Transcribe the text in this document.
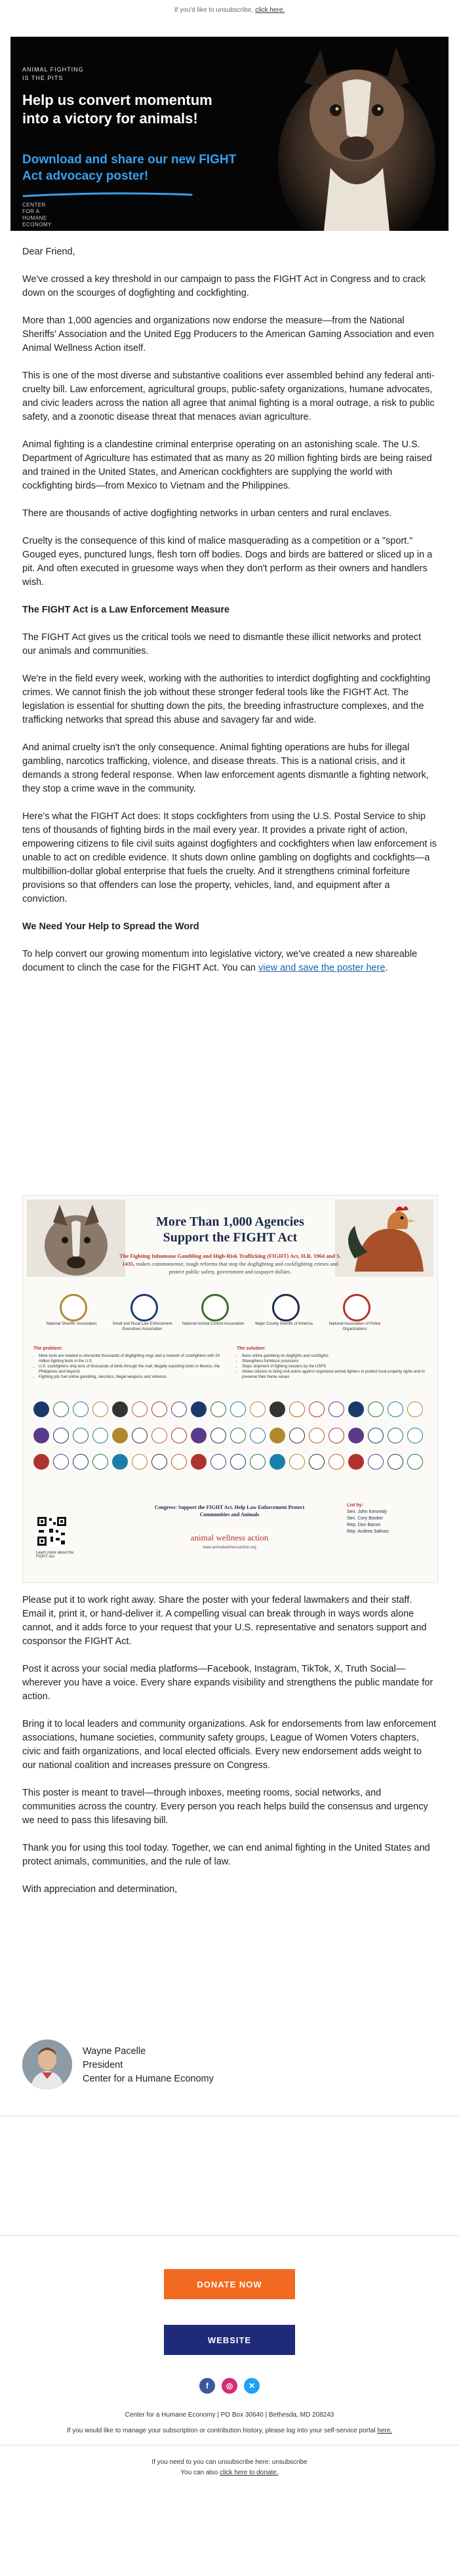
If you'd like to unsubscribe, click here.
ANIMAL FIGHTING
IS THE PITS
Help us convert momentum into a victory for animals!
Download and share our new FIGHT Act advocacy poster!
CENTER
FOR A
HUMANE
ECONOMY

Dear Friend,

We've crossed a key threshold in our campaign to pass the FIGHT Act in Congress and to crack down on the scourges of dogfighting and cockfighting.

More than 1,000 agencies and organizations now endorse the measure—from the National Sheriffs' Association and the United Egg Producers to the American Gaming Association and even Animal Wellness Action itself.

This is one of the most diverse and substantive coalitions ever assembled behind any federal anti-cruelty bill. Law enforcement, agricultural groups, public-safety organizations, humane advocates, and civic leaders across the nation all agree that animal fighting is a moral outrage, a risk to public safety, and a zoonotic disease threat that menaces avian agriculture.

Animal fighting is a clandestine criminal enterprise operating on an astonishing scale. The U.S. Department of Agriculture has estimated that as many as 20 million fighting birds are being raised and trained in the United States, and American cockfighters are supplying the world with cockfighting birds—from Mexico to Vietnam and the Philippines.

There are thousands of active dogfighting networks in urban centers and rural enclaves.

Cruelty is the consequence of this kind of malice masquerading as a competition or a "sport." Gouged eyes, punctured lungs, flesh torn off bodies. Dogs and birds are battered or sliced up in a pit. And often executed in gruesome ways when they don't perform as their owners and handlers wish.

The FIGHT Act is a Law Enforcement Measure

The FIGHT Act gives us the critical tools we need to dismantle these illicit networks and protect our animals and communities.

We're in the field every week, working with the authorities to interdict dogfighting and cockfighting crimes. We cannot finish the job without these stronger federal tools like the FIGHT Act. The legislation is essential for shutting down the pits, the breeding infrastructure complexes, and the trafficking networks that spread this abuse and savagery far and wide.

And animal cruelty isn't the only consequence. Animal fighting operations are hubs for illegal gambling, narcotics trafficking, violence, and disease threats. This is a national crisis, and it demands a strong federal response. When law enforcement agents dismantle a fighting network, they stop a crime wave in the community.

Here's what the FIGHT Act does: It stops cockfighters from using the U.S. Postal Service to ship tens of thousands of fighting birds in the mail every year. It provides a private right of action, empowering citizens to file civil suits against dogfighters and cockfighters when law enforcement is unable to act on credible evidence. It shuts down online gambling on dogfights and cockfights—a multibillion-dollar global enterprise that fuels the cruelty. And it strengthens criminal forfeiture provisions so that offenders can lose the property, vehicles, land, and equipment after a conviction.

We Need Your Help to Spread the Word

To help convert our growing momentum into legislative victory, we've created a new shareable document to clinch the case for the FIGHT Act. You can view and save the poster here.

More Than 1,000 Agencies Support the FIGHT Act
The Fighting Inhumane Gambling and High-Risk Trafficking (FIGHT) Act, H.R. 1964 and S. 1435, makes commonsense, tough reforms that stop the dogfighting and cockfighting crimes and protect public safety, government and taxpayer dollars.
National Sheriffs' Association	Small and Rural Law Enforcement Executives Association
National Animal Control Association	Major County Sheriffs of America	National Association of Police Organizations
The problem:
• More tools are needed to dismantle thousands of dogfighting rings and a network of cockfighters with 20 million fighting birds in the U.S.
• U.S. cockfighters ship tens of thousands of birds through the mail, illegally exporting birds to Mexico, the Philippines and beyond.
• Fighting pits fuel online gambling, narcotics, illegal weapons and violence.
The solution:
• Bans online gambling on dogfights and cockfights
• Strengthens forfeiture provisions
• Stops shipment of fighting roosters by the USPS
• Allows citizens to bring civil action against organized animal fighters to protect local property rights and to preserve their home values
Learn more about the FIGHT Act
Congress: Support the FIGHT Act. Help Law Enforcement Protect Communities and Animals
animal wellness action
www.animalwellnessaction.org
List by:
Sen. John Kennedy
Sen. Cory Booker
Rep. Don Bacon
Rep. Andrea Salinas

Please put it to work right away. Share the poster with your federal lawmakers and their staff. Email it, print it, or hand-deliver it. A compelling visual can break through in ways words alone cannot, and it adds force to your request that your U.S. representative and senators support and cosponsor the FIGHT Act.

Post it across your social media platforms—Facebook, Instagram, TikTok, X, Truth Social—wherever you have a voice. Every share expands visibility and strengthens the public mandate for action.

Bring it to local leaders and community organizations. Ask for endorsements from law enforcement associations, humane societies, community safety groups, League of Women Voters chapters, civic and faith organizations, and local elected officials. Every new endorsement adds weight to our national coalition and increases pressure on Congress.

This poster is meant to travel—through inboxes, meeting rooms, social networks, and communities across the country. Every person you reach helps build the consensus and urgency we need to pass this lifesaving bill.

Thank you for using this tool today. Together, we can end animal fighting in the United States and protect animals, communities, and the rule of law.

With appreciation and determination,

Wayne Pacelle
President
Center for a Humane Economy
DONATE NOW
WEBSITE
f	◎	✕
Center for a Humane Economy | PO Box 30640 | Bethesda, MD 208243
If you would like to manage your subscription or contribution history, please log into your self-service portal here.
If you need to you can unsubscribe here: unsubscribe
You can also click here to donate.
